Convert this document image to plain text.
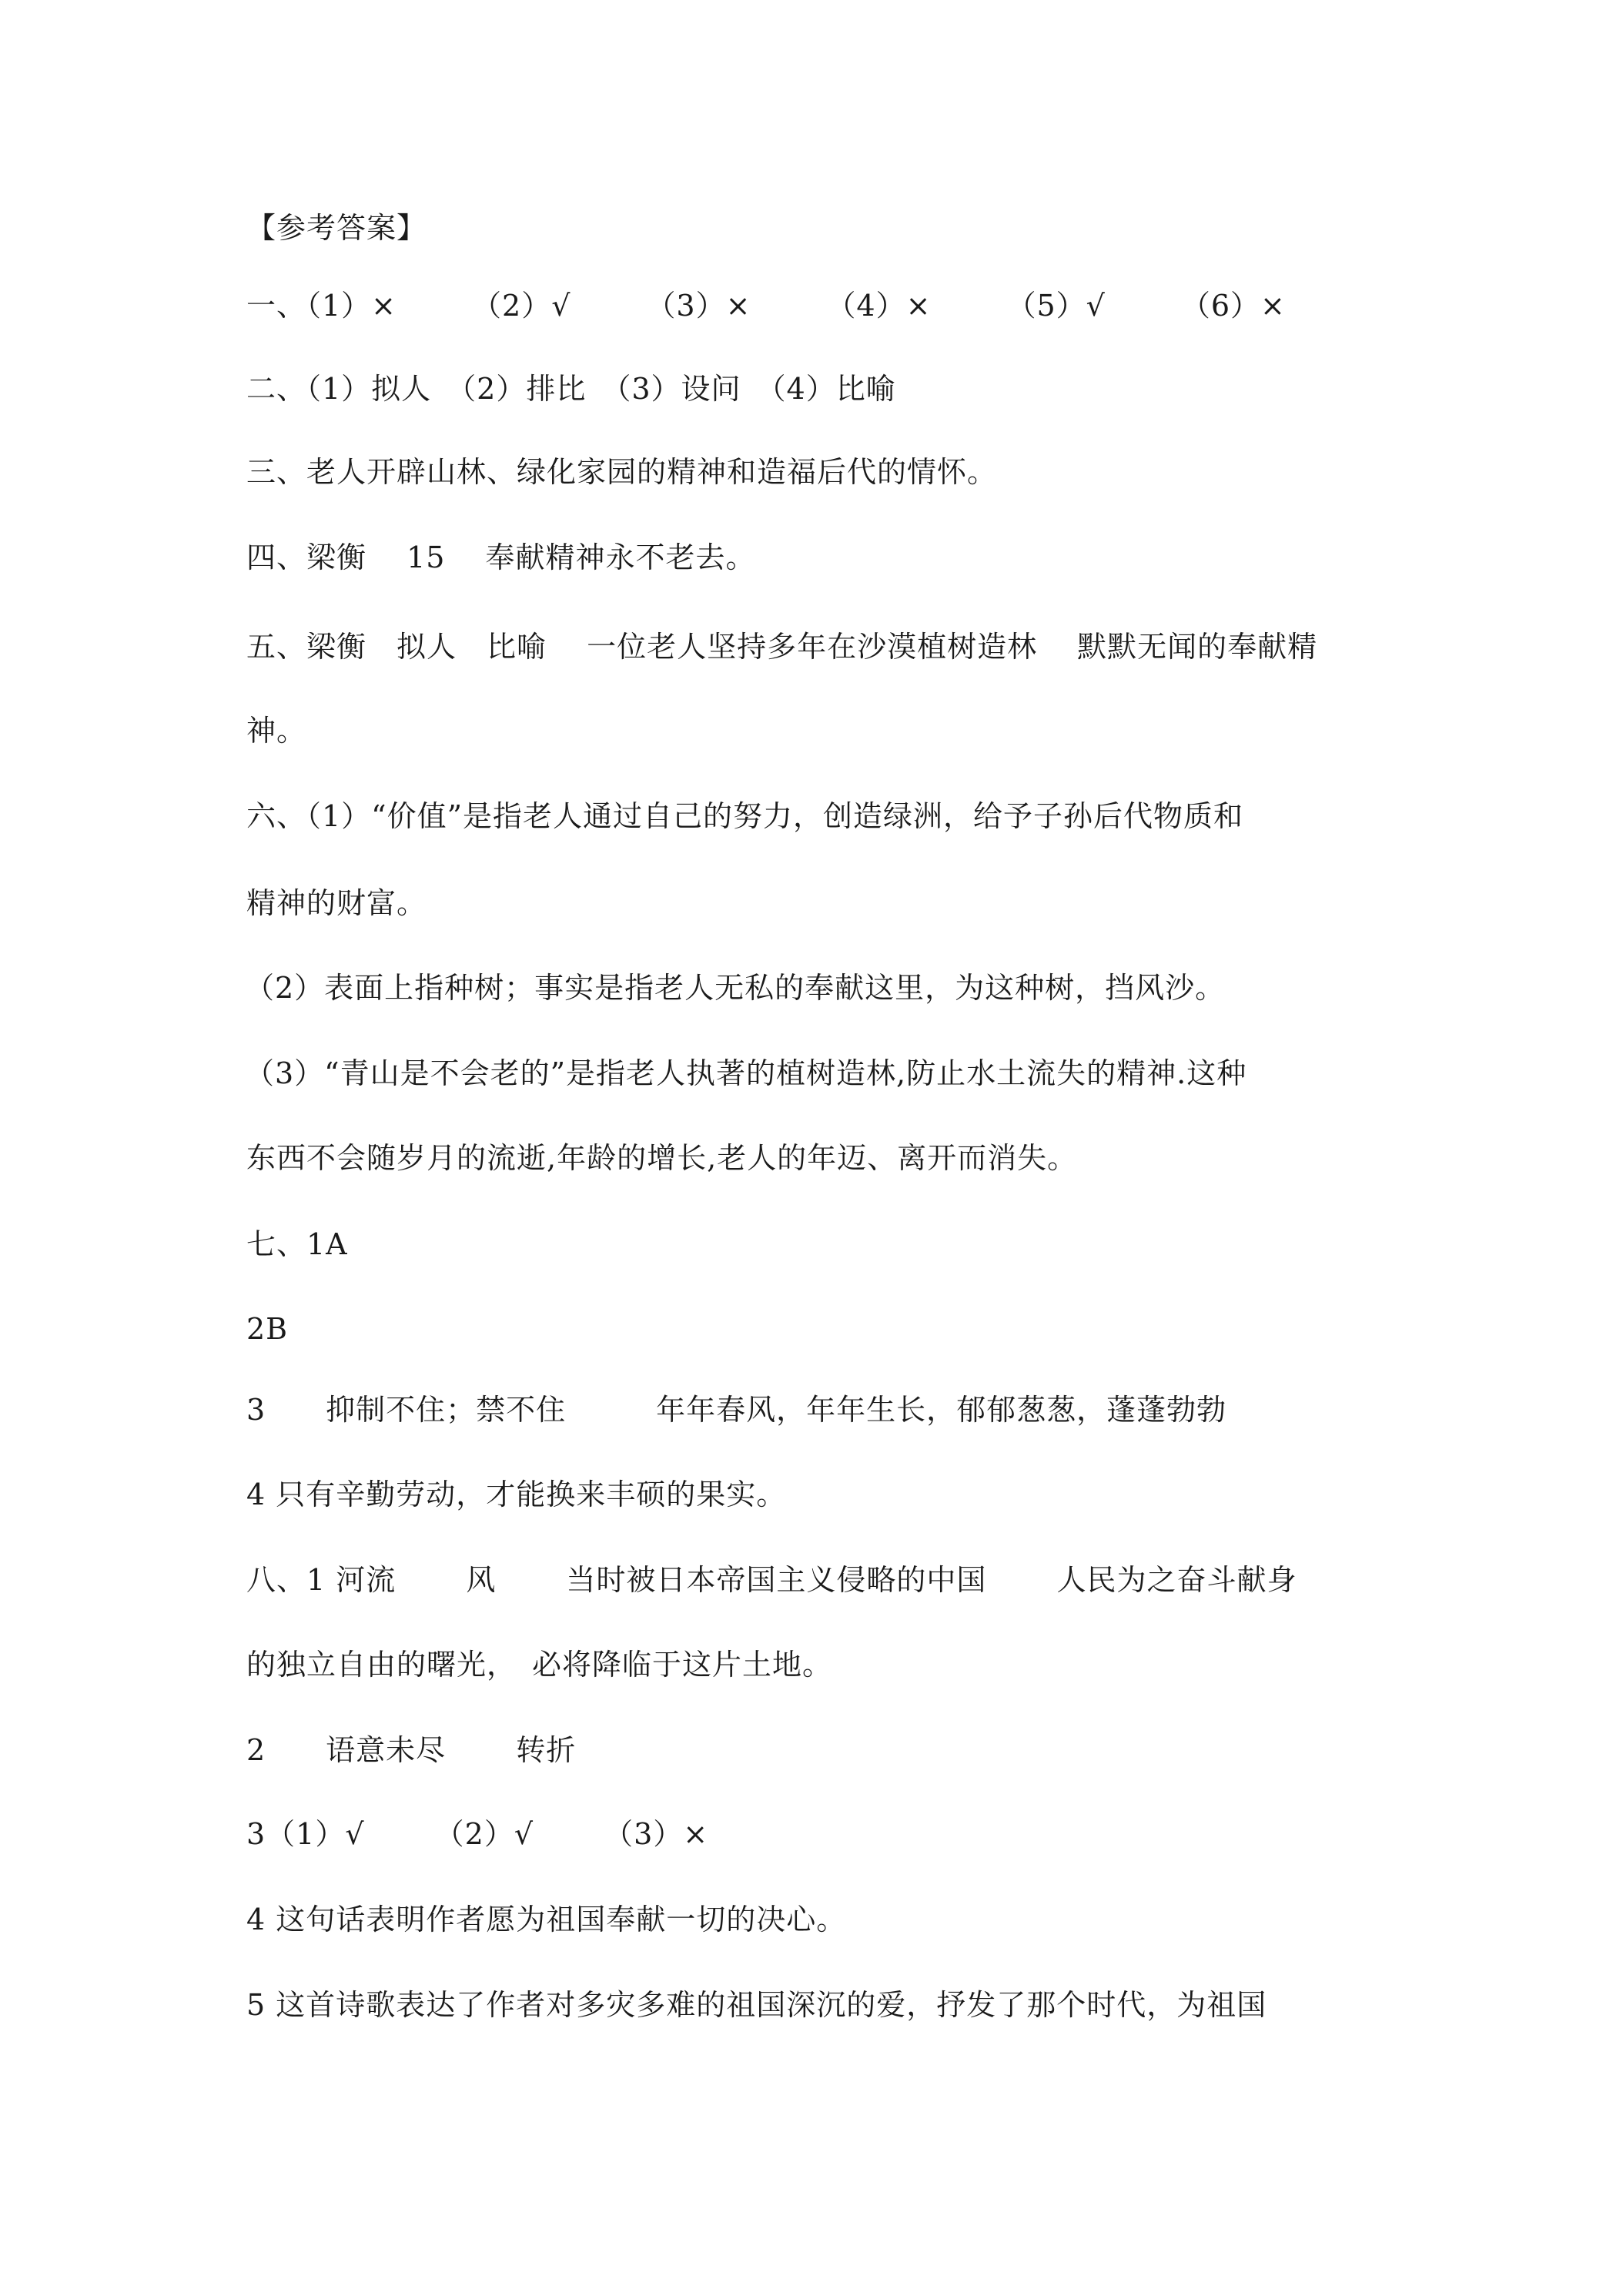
【参考答案】
一、（1）×　　　（2）√　　　（3）×　　　（4）×　　　（5）√　　　（6）×
二、（1）拟人　（2）排比　（3）设问　（4）比喻
三、老人开辟山林、绿化家园的精神和造福后代的情怀。
四、梁衡　 15　 奉献精神永不老去。
五、梁衡　拟人　比喻　 一位老人坚持多年在沙漠植树造林　 默默无闻的奉献精
神。
六、（1）“价值”是指老人通过自己的努力，创造绿洲，给予子孙后代物质和
精神的财富。
（2）表面上指种树；事实是指老人无私的奉献这里，为这种树，挡风沙。
（3）“青山是不会老的”是指老人执著的植树造林,防止水土流失的精神.这种
东西不会随岁月的流逝,年龄的增长,老人的年迈、离开而消失。
七、1A
2B
3　　抑制不住；禁不住　　　年年春风，年年生长，郁郁葱葱，蓬蓬勃勃
4 只有辛勤劳动，才能换来丰硕的果实。
八、1 河流　　 风　　 当时被日本帝国主义侵略的中国　　 人民为之奋斗献身
的独立自由的曙光，　必将降临于这片土地。
2　　语意未尽　　 转折
3（1）√　　 （2）√　　 （3）×
4 这句话表明作者愿为祖国奉献一切的决心。
5 这首诗歌表达了作者对多灾多难的祖国深沉的爱，抒发了那个时代，为祖国
